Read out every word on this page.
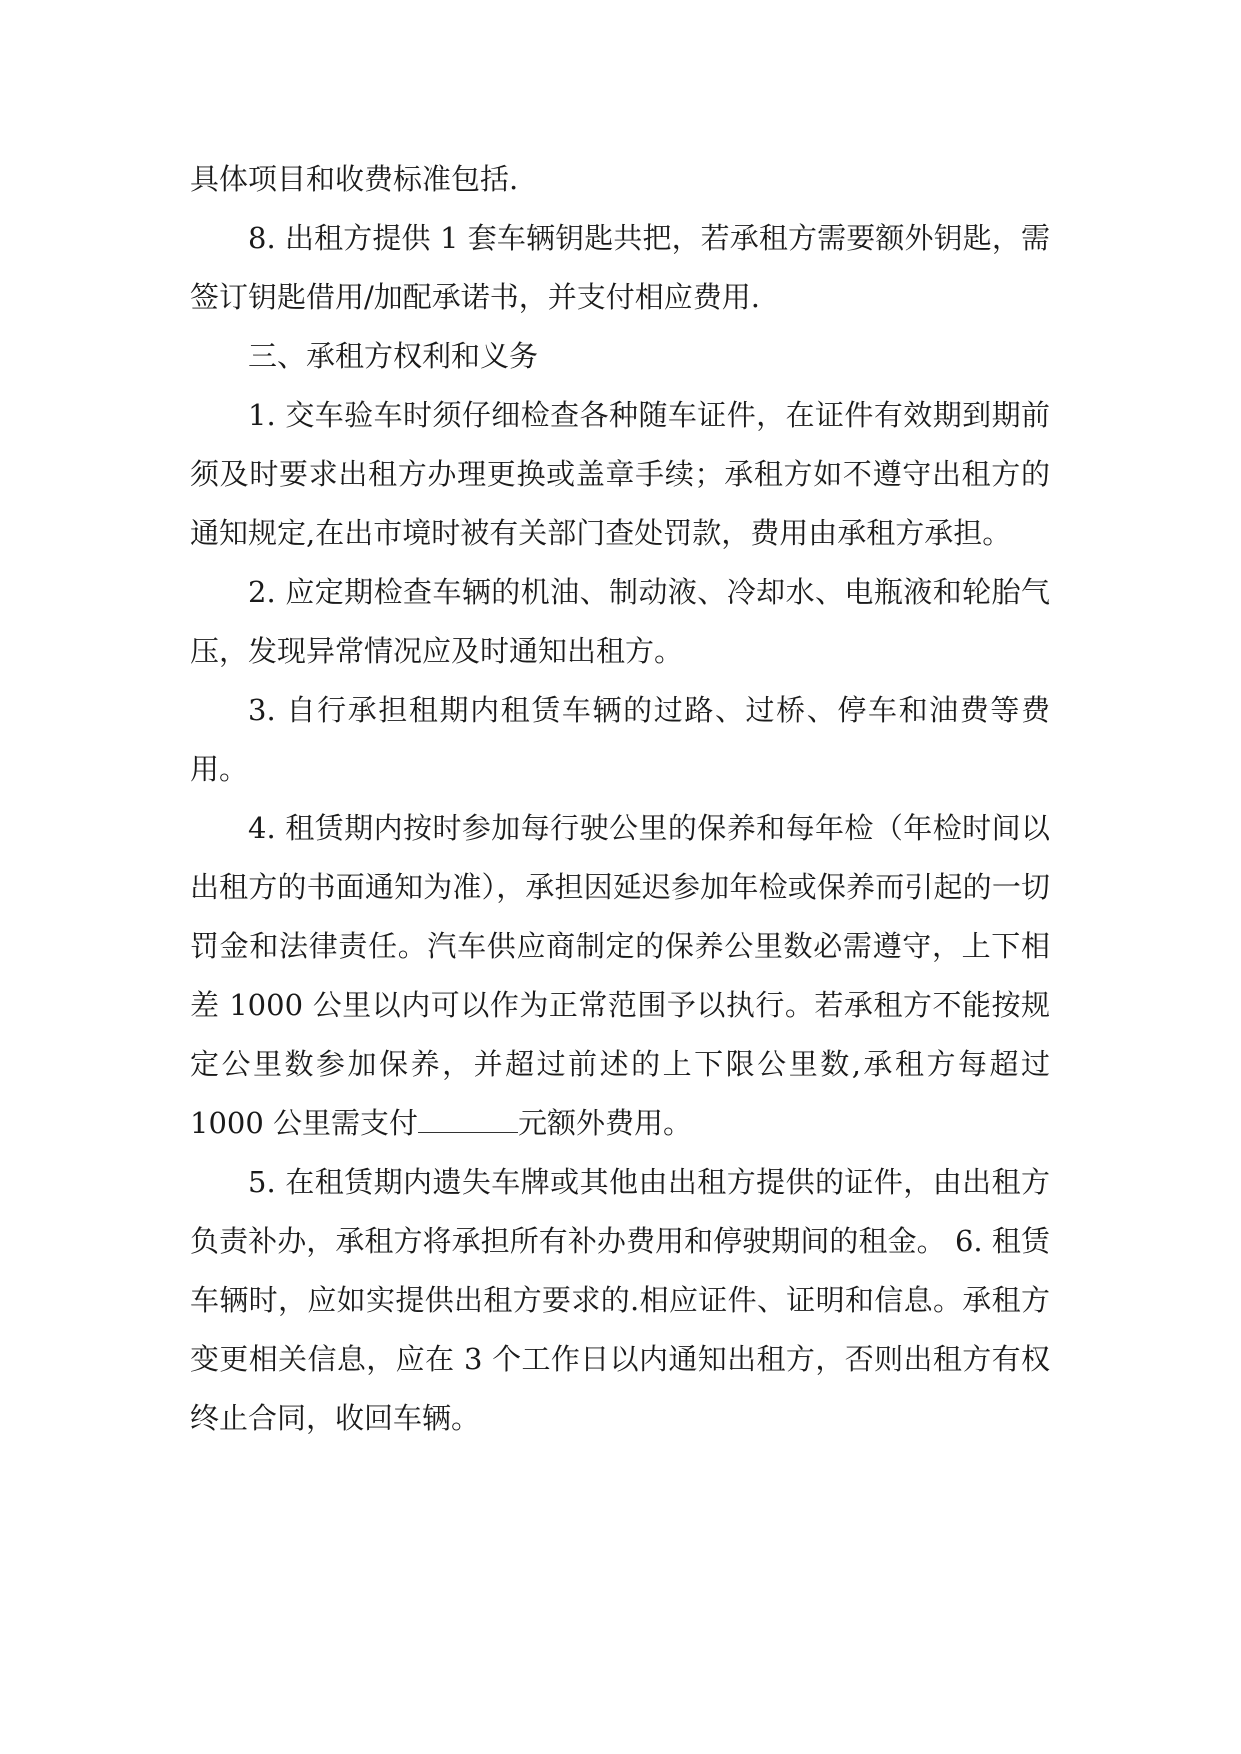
具体项目和收费标准包括.

8. 出租方提供 1 套车辆钥匙共把，若承租方需要额外钥匙，需签订钥匙借用/加配承诺书，并支付相应费用.

三、承租方权利和义务

1. 交车验车时须仔细检查各种随车证件，在证件有效期到期前须及时要求出租方办理更换或盖章手续；承租方如不遵守出租方的通知规定,在出市境时被有关部门查处罚款，费用由承租方承担。

2. 应定期检查车辆的机油、制动液、冷却水、电瓶液和轮胎气压，发现异常情况应及时通知出租方。

3. 自行承担租期内租赁车辆的过路、过桥、停车和油费等费用。

4. 租赁期内按时参加每行驶公里的保养和每年检（年检时间以出租方的书面通知为准），承担因延迟参加年检或保养而引起的一切罚金和法律责任。汽车供应商制定的保养公里数必需遵守，上下相差 1000 公里以内可以作为正常范围予以执行。若承租方不能按规定公里数参加保养，并超过前述的上下限公里数,承租方每超过 1000 公里需支付	元额外费用。

5. 在租赁期内遗失车牌或其他由出租方提供的证件，由出租方负责补办，承租方将承担所有补办费用和停驶期间的租金。 6. 租赁车辆时，应如实提供出租方要求的.相应证件、证明和信息。承租方变更相关信息，应在 3 个工作日以内通知出租方，否则出租方有权终止合同，收回车辆。
